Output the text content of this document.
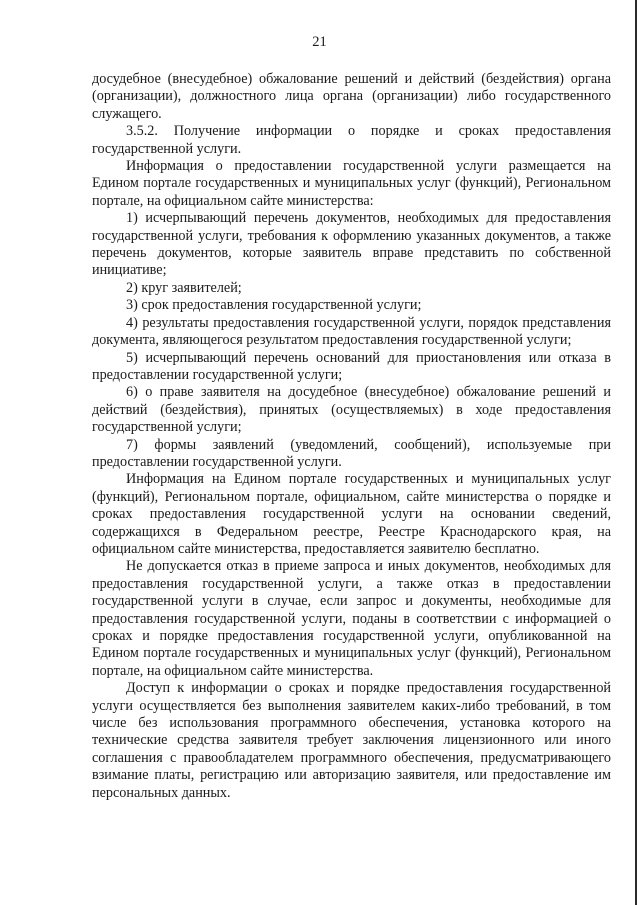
21

досудебное (внесудебное) обжалование решений и действий (бездействия) органа (организации), должностного лица органа (организации) либо государственного служащего.

3.5.2. Получение информации о порядке и сроках предоставления государственной услуги.

Информация о предоставлении государственной услуги размещается на Едином портале государственных и муниципальных услуг (функций), Региональном портале, на официальном сайте министерства:

1) исчерпывающий перечень документов, необходимых для предоставления государственной услуги, требования к оформлению указанных документов, а также перечень документов, которые заявитель вправе представить по собственной инициативе;

2) круг заявителей;

3) срок предоставления государственной услуги;

4) результаты предоставления государственной услуги, порядок представления документа, являющегося результатом предоставления государственной услуги;

5) исчерпывающий перечень оснований для приостановления или отказа в предоставлении государственной услуги;

6) о праве заявителя на досудебное (внесудебное) обжалование решений и действий (бездействия), принятых (осуществляемых) в ходе предоставления государственной услуги;

7) формы заявлений (уведомлений, сообщений), используемые при предоставлении государственной услуги.

Информация на Едином портале государственных и муниципальных услуг (функций), Региональном портале, официальном, сайте министерства о порядке и сроках предоставления государственной услуги на основании сведений, содержащихся в Федеральном реестре, Реестре Краснодарского края, на официальном сайте министерства, предоставляется заявителю бесплатно.

Не допускается отказ в приеме запроса и иных документов, необходимых для предоставления государственной услуги, а также отказ в предоставлении государственной услуги в случае, если запрос и документы, необходимые для предоставления государственной услуги, поданы в соответствии с информацией о сроках и порядке предоставления государственной услуги, опубликованной на Едином портале государственных и муниципальных услуг (функций), Региональном портале, на официальном сайте министерства.

Доступ к информации о сроках и порядке предоставления государственной услуги осуществляется без выполнения заявителем каких-либо требований, в том числе без использования программного обеспечения, установка которого на технические средства заявителя требует заключения лицензионного или иного соглашения с правообладателем программного обеспечения, предусматривающего взимание платы, регистрацию или авторизацию заявителя, или предоставление им персональных данных.
